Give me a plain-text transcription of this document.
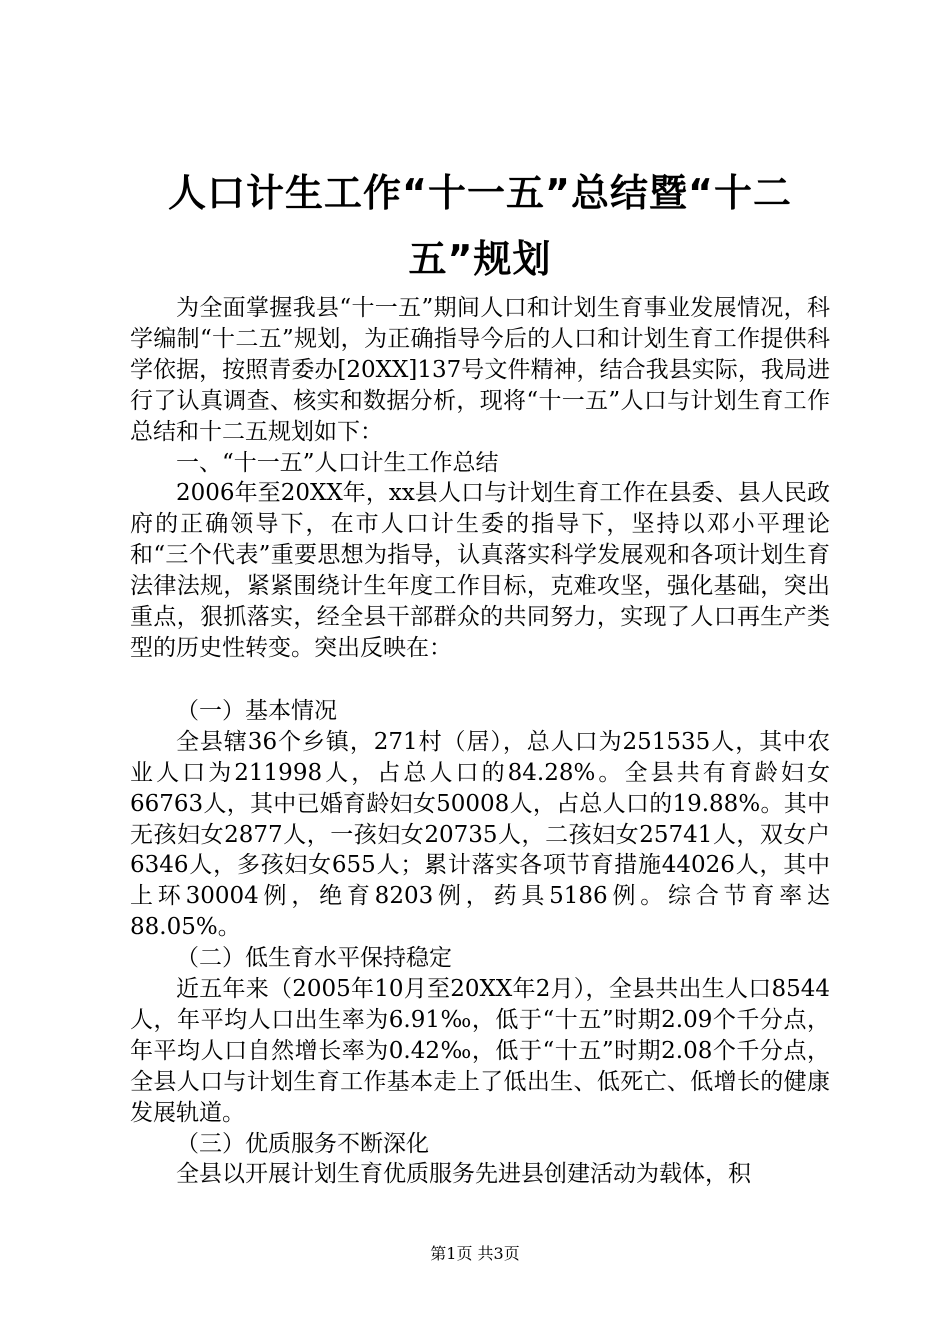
人口计生工作“十一五”总结暨“十二五”规划

为全面掌握我县“十一五”期间人口和计划生育事业发展情况，科学编制“十二五”规划，为正确指导今后的人口和计划生育工作提供科学依据，按照青委办[20XX]137号文件精神，结合我县实际，我局进行了认真调查、核实和数据分析，现将“十一五”人口与计划生育工作总结和十二五规划如下：

一、“十一五”人口计生工作总结

2006年至20XX年，xx县人口与计划生育工作在县委、县人民政府的正确领导下，在市人口计生委的指导下，坚持以邓小平理论和“三个代表”重要思想为指导，认真落实科学发展观和各项计划生育法律法规，紧紧围绕计生年度工作目标，克难攻坚，强化基础，突出重点，狠抓落实，经全县干部群众的共同努力，实现了人口再生产类型的历史性转变。突出反映在：

（一）基本情况

全县辖36个乡镇，271村（居），总人口为251535人，其中农业人口为211998人，占总人口的84.28%。全县共有育龄妇女66763人，其中已婚育龄妇女50008人，占总人口的19.88%。其中无孩妇女2877人，一孩妇女20735人，二孩妇女25741人，双女户6346人，多孩妇女655人；累计落实各项节育措施44026人，其中上环30004例，绝育8203例，药具5186例。综合节育率达88.05%。

（二）低生育水平保持稳定

近五年来（2005年10月至20XX年2月），全县共出生人口8544人，年平均人口出生率为6.91‰，低于“十五”时期2.09个千分点，年平均人口自然增长率为0.42‰，低于“十五”时期2.08个千分点，全县人口与计划生育工作基本走上了低出生、低死亡、低增长的健康发展轨道。

（三）优质服务不断深化

全县以开展计划生育优质服务先进县创建活动为载体，积

第1页 共3页
